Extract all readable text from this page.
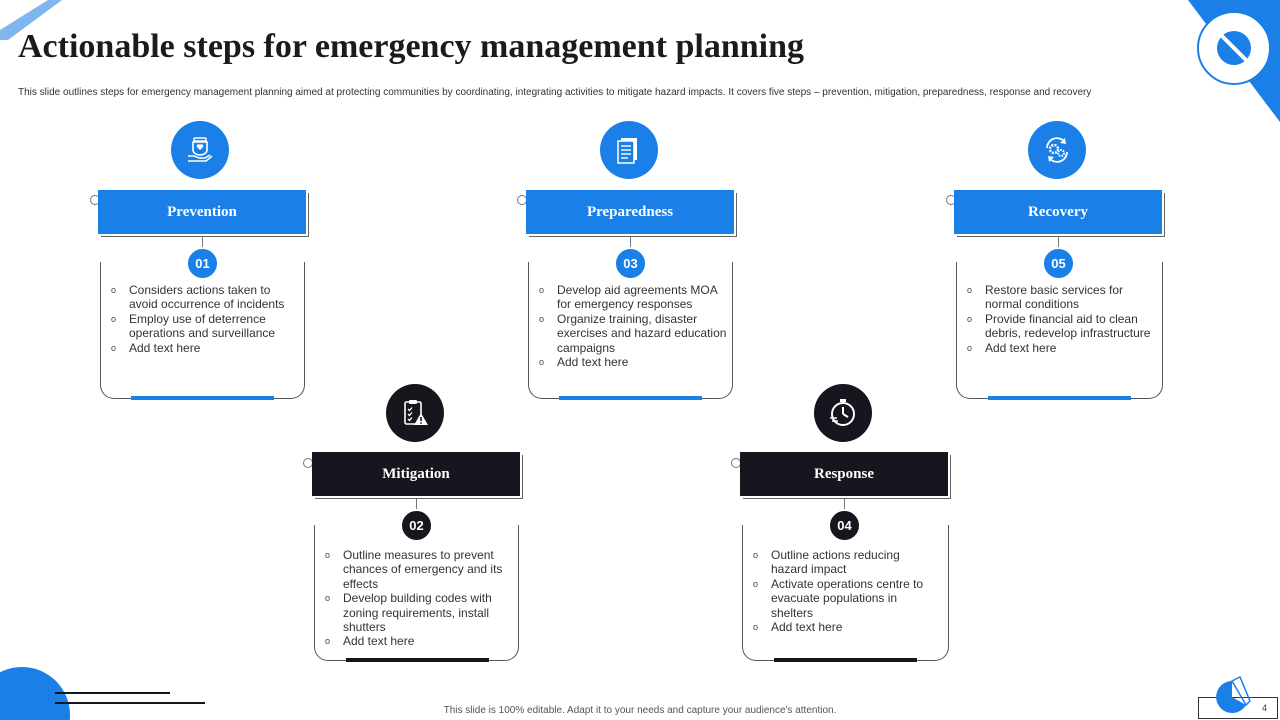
Actionable steps for emergency management planning
This slide outlines steps for emergency management planning aimed at protecting communities by coordinating, integrating activities to mitigate hazard impacts. It covers five steps – prevention, mitigation, preparedness, response and recovery
Prevention
o Considers actions taken to avoid occurrence of incidents
o Employ use of deterrence operations and surveillance
o Add text here
01
Preparedness
o Develop aid agreements MOA for emergency responses
o Organize training, disaster exercises and hazard education campaigns
o Add text here
03
Recovery
o Restore basic services for normal conditions
o Provide financial aid to clean debris, redevelop infrastructure
o Add text here
05
Mitigation
o Outline measures to prevent chances of emergency and its effects
o Develop building codes with zoning requirements, install shutters
o Add text here
02
Response
o Outline actions reducing hazard impact
o Activate operations centre to evacuate populations in shelters
o Add text here
04
This slide is 100% editable. Adapt it to your needs and capture your audience's attention.	4
